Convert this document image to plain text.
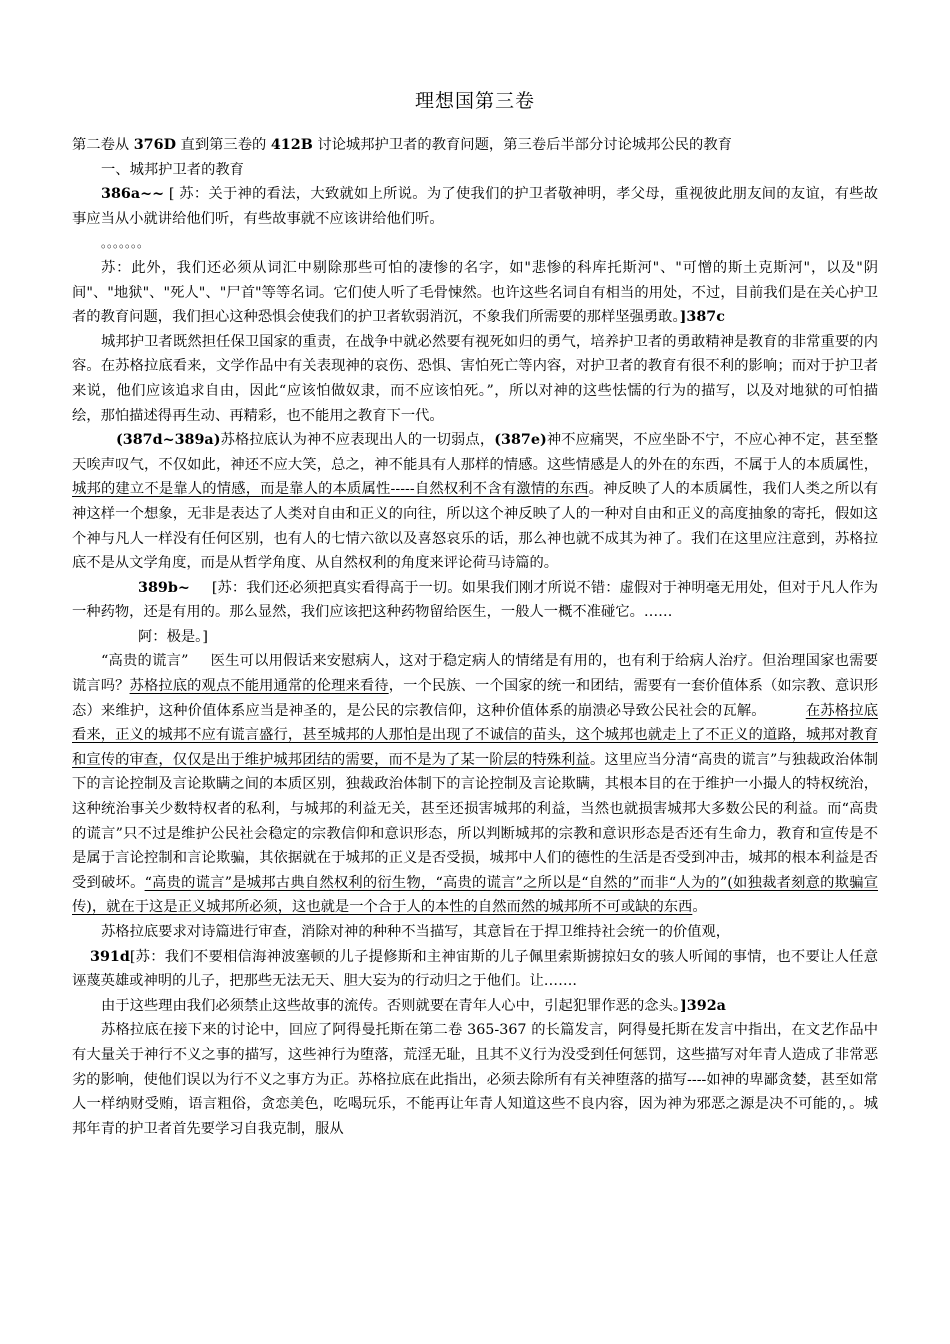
理想国第三卷

第二卷从 376D 直到第三卷的 412B 讨论城邦护卫者的教育问题，第三卷后半部分讨论城邦公民的教育

一、城邦护卫者的教育

386a~~ [ 苏：关于神的看法，大致就如上所说。为了使我们的护卫者敬神明，孝父母，重视彼此朋友间的友谊，有些故事应当从小就讲给他们听，有些故事就不应该讲给他们听。

。。。。。。。

苏：此外，我们还必须从词汇中剔除那些可怕的凄惨的名字，如"悲惨的科库托斯河"、"可憎的斯土克斯河"，以及"阴间"、"地狱"、"死人"、"尸首"等等名词。它们使人听了毛骨悚然。也许这些名词自有相当的用处，不过，目前我们是在关心护卫者的教育问题，我们担心这种恐惧会使我们的护卫者软弱消沉，不象我们所需要的那样坚强勇敢。]387c

城邦护卫者既然担任保卫国家的重责，在战争中就必然要有视死如归的勇气，培养护卫者的勇敢精神是教育的非常重要的内容。在苏格拉底看来，文学作品中有关表现神的哀伤、恐惧、害怕死亡等内容，对护卫者的教育有很不利的影响；而对于护卫者来说，他们应该追求自由，因此“应该怕做奴隶，而不应该怕死。”，所以对神的这些怯懦的行为的描写，以及对地狱的可怕描绘，那怕描述得再生动、再精彩，也不能用之教育下一代。

(387d~389a)苏格拉底认为神不应表现出人的一切弱点，(387e)神不应痛哭，不应坐卧不宁，不应心神不定，甚至整天唉声叹气，不仅如此，神还不应大笑，总之，神不能具有人那样的情感。这些情感是人的外在的东西，不属于人的本质属性，城邦的建立不是靠人的情感，而是靠人的本质属性-----自然权利不含有激情的东西。神反映了人的本质属性，我们人类之所以有神这样一个想象，无非是表达了人类对自由和正义的向往，所以这个神反映了人的一种对自由和正义的高度抽象的寄托，假如这个神与凡人一样没有任何区别，也有人的七情六欲以及喜怒哀乐的话，那么神也就不成其为神了。我们在这里应注意到，苏格拉底不是从文学角度，而是从哲学角度、从自然权利的角度来评论荷马诗篇的。

389b~ [苏：我们还必须把真实看得高于一切。如果我们刚才所说不错：虚假对于神明毫无用处，但对于凡人作为一种药物，还是有用的。那么显然，我们应该把这种药物留给医生，一般人一概不准碰它。……

阿：极是。]

“高贵的谎言” 医生可以用假话来安慰病人，这对于稳定病人的情绪是有用的，也有利于给病人治疗。但治理国家也需要谎言吗？苏格拉底的观点不能用通常的伦理来看待，一个民族、一个国家的统一和团结，需要有一套价值体系（如宗教、意识形态）来维护，这种价值体系应当是神圣的，是公民的宗教信仰，这种价值体系的崩溃必导致公民社会的瓦解。	在苏格拉底看来，正义的城邦不应有谎言盛行，甚至城邦的人那怕是出现了不诚信的苗头，这个城邦也就走上了不正义的道路，城邦对教育和宣传的审查，仅仅是出于维护城邦团结的需要，而不是为了某一阶层的特殊利益。这里应当分清“高贵的谎言”与独裁政治体制下的言论控制及言论欺瞒之间的本质区别，独裁政治体制下的言论控制及言论欺瞒，其根本目的在于维护一小撮人的特权统治，这种统治事关少数特权者的私利，与城邦的利益无关，甚至还损害城邦的利益，当然也就损害城邦大多数公民的利益。而“高贵的谎言”只不过是维护公民社会稳定的宗教信仰和意识形态，所以判断城邦的宗教和意识形态是否还有生命力，教育和宣传是不是属于言论控制和言论欺骗，其依据就在于城邦的正义是否受损，城邦中人们的德性的生活是否受到冲击，城邦的根本利益是否受到破坏。“高贵的谎言”是城邦古典自然权利的衍生物，“高贵的谎言”之所以是“自然的”而非“人为的”(如独裁者刻意的欺骗宣传)，就在于这是正义城邦所必须，这也就是一个合于人的本性的自然而然的城邦所不可或缺的东西。

苏格拉底要求对诗篇进行审查，消除对神的种种不当描写，其意旨在于捍卫维持社会统一的价值观，

391d[苏：我们不要相信海神波塞顿的儿子提修斯和主神宙斯的儿子佩里索斯掳掠妇女的骇人听闻的事情，也不要让人任意诬蔑英雄或神明的儿子，把那些无法无天、胆大妄为的行动归之于他们。让…….

由于这些理由我们必须禁止这些故事的流传。否则就要在青年人心中，引起犯罪作恶的念头。]392a

苏格拉底在接下来的讨论中，回应了阿得曼托斯在第二卷 365-367 的长篇发言，阿得曼托斯在发言中指出，在文艺作品中有大量关于神行不义之事的描写，这些神行为堕落，荒淫无耻，且其不义行为没受到任何惩罚，这些描写对年青人造成了非常恶劣的影响，使他们误以为行不义之事方为正。苏格拉底在此指出，必须去除所有有关神堕落的描写----如神的卑鄙贪婪，甚至如常人一样纳财受贿，语言粗俗，贪恋美色，吃喝玩乐，不能再让年青人知道这些不良内容，因为神为邪恶之源是决不可能的，。城邦年青的护卫者首先要学习自我克制，服从
